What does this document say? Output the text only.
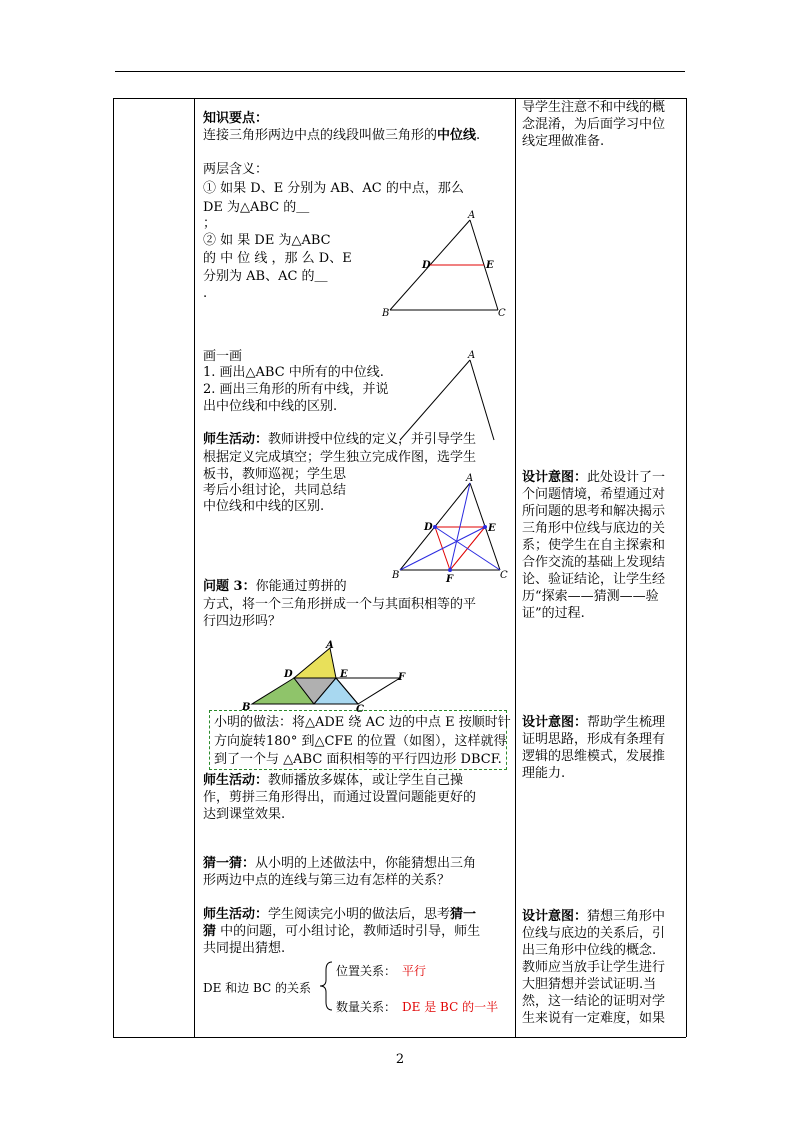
知识要点：
连接三角形两边中点的线段叫做三角形的中位线.
两层含义：
① 如果 D、E 分别为 AB、AC 的中点，那么
DE 为△ABC 的＿
；
② 如 果 DE 为△ABC
的 中 位 线 ，那 么 D、E
分别为 AB、AC 的＿
.
A
D	E
B	C
画一画
1. 画出△ABC 中所有的中位线.
2. 画出三角形的所有中线，并说
出中位线和中线的区别.
A
师生活动：教师讲授中位线的定义，并引导学生
根据定义完成填空；学生独立完成作图，选学生
板书，教师巡视；学生思
考后小组讨论，共同总结
中位线和中线的区别.
A
D	E
B	F	C
问题 3：你能通过剪拼的
方式，将一个三角形拼成一个与其面积相等的平
行四边形吗？
A
D	E	F
B	C
小明的做法：将△ADE 绕 AC 边的中点 E 按顺时针
方向旋转180° 到△CFE 的位置（如图），这样就得
到了一个与 △ABC 面积相等的平行四边形 DBCF.
师生活动：教师播放多媒体，或让学生自己操
作，剪拼三角形得出，而通过设置问题能更好的
达到课堂效果.
猜一猜：从小明的上述做法中，你能猜想出三角
形两边中点的连线与第三边有怎样的关系？
师生活动：学生阅读完小明的做法后，思考猜一
猜 中的问题，可小组讨论，教师适时引导，师生
共同提出猜想.
DE 和边 BC 的关系
位置关系： 平行
数量关系： DE 是 BC 的一半
导学生注意不和中线的概
念混淆，为后面学习中位
线定理做准备.
设计意图：此处设计了一
个问题情境，希望通过对
所问题的思考和解决揭示
三角形中位线与底边的关
系；使学生在自主探索和
合作交流的基础上发现结
论、验证结论，让学生经
历“探索——猜测——验
证”的过程.
设计意图：帮助学生梳理
证明思路，形成有条理有
逻辑的思维模式，发展推
理能力.
设计意图：猜想三角形中
位线与底边的关系后，引
出三角形中位线的概念.
教师应当放手让学生进行
大胆猜想并尝试证明.当
然，这一结论的证明对学
生来说有一定难度，如果
2
